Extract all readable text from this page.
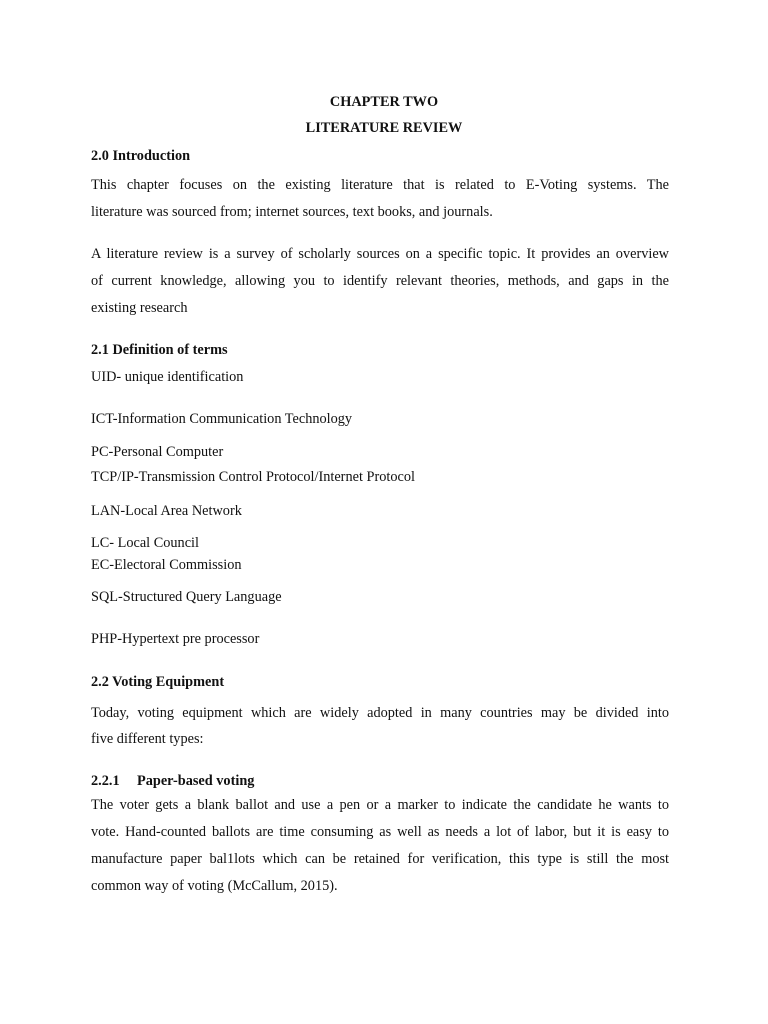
CHAPTER TWO
LITERATURE REVIEW
2.0 Introduction
This chapter focuses on the existing literature that is related to E-Voting systems. The
literature was sourced from; internet sources, text books, and journals.
A literature review is a survey of scholarly sources on a specific topic. It provides an overview
of current knowledge, allowing you to identify relevant theories, methods, and gaps in the
existing research
2.1 Definition of terms
UID- unique identification
ICT-Information Communication Technology
PC-Personal Computer
TCP/IP-Transmission Control Protocol/Internet Protocol
LAN-Local Area Network
LC- Local Council
EC-Electoral Commission
SQL-Structured Query Language
PHP-Hypertext pre processor
2.2 Voting Equipment
Today, voting equipment which are widely adopted in many countries may be divided into
five different types:
2.2.1 Paper-based voting
The voter gets a blank ballot and use a pen or a marker to indicate the candidate he wants to
vote. Hand-counted ballots are time consuming as well as needs a lot of labor, but it is easy to
manufacture paper bal1lots which can be retained for verification, this type is still the most
common way of voting (McCallum, 2015).
